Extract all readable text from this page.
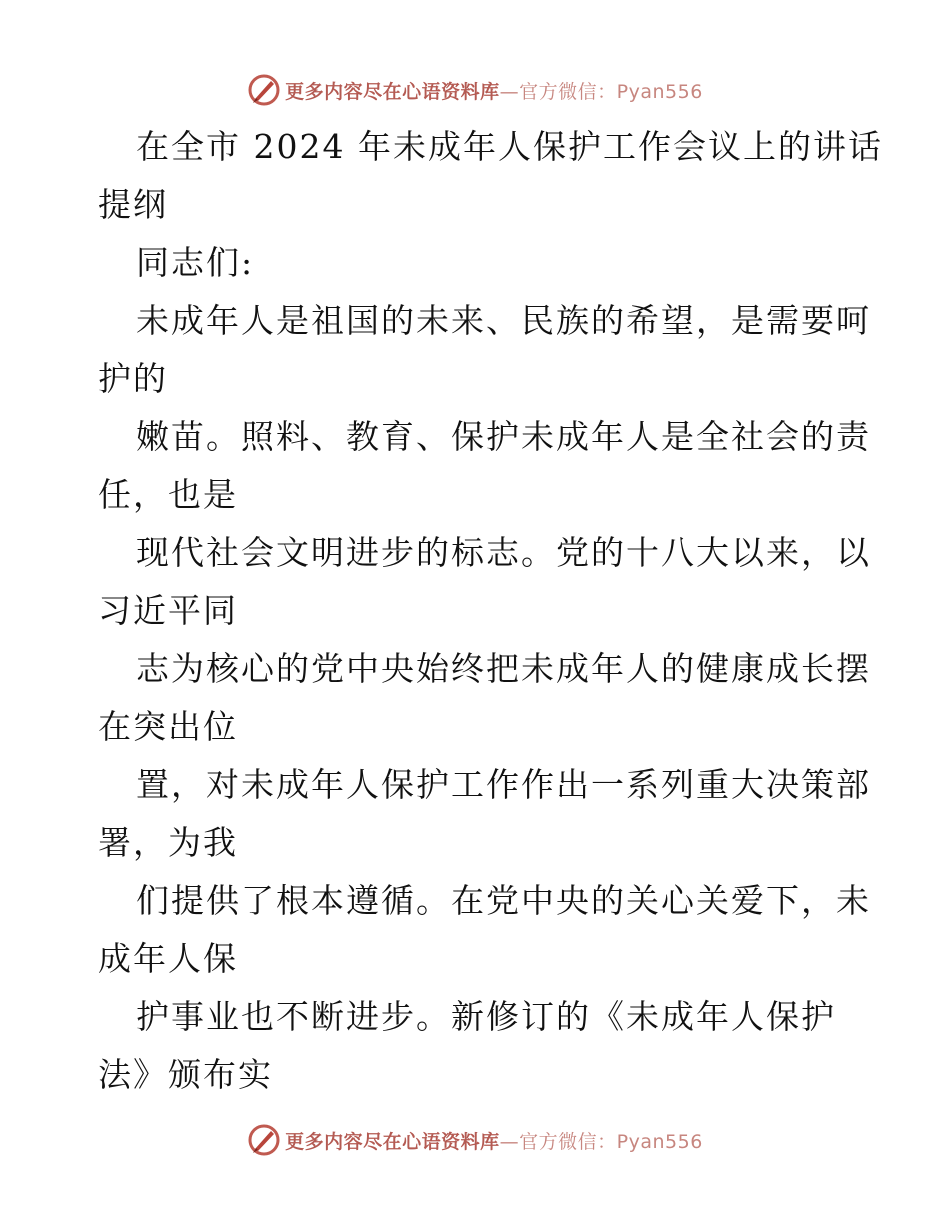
更多内容尽在心语资料库—官方微信：Pyan556
在全市 2024 年未成年人保护工作会议上的讲话
提纲
同志们:
未成年人是祖国的未来、民族的希望，是需要呵
护的
嫩苗。照料、教育、保护未成年人是全社会的责
任，也是
现代社会文明进步的标志。党的十八大以来，以
习近平同
志为核心的党中央始终把未成年人的健康成长摆
在突出位
置，对未成年人保护工作作出一系列重大决策部
署，为我
们提供了根本遵循。在党中央的关心关爱下，未
成年人保
护事业也不断进步。新修订的《未成年人保护
法》颁布实
更多内容尽在心语资料库—官方微信：Pyan556
